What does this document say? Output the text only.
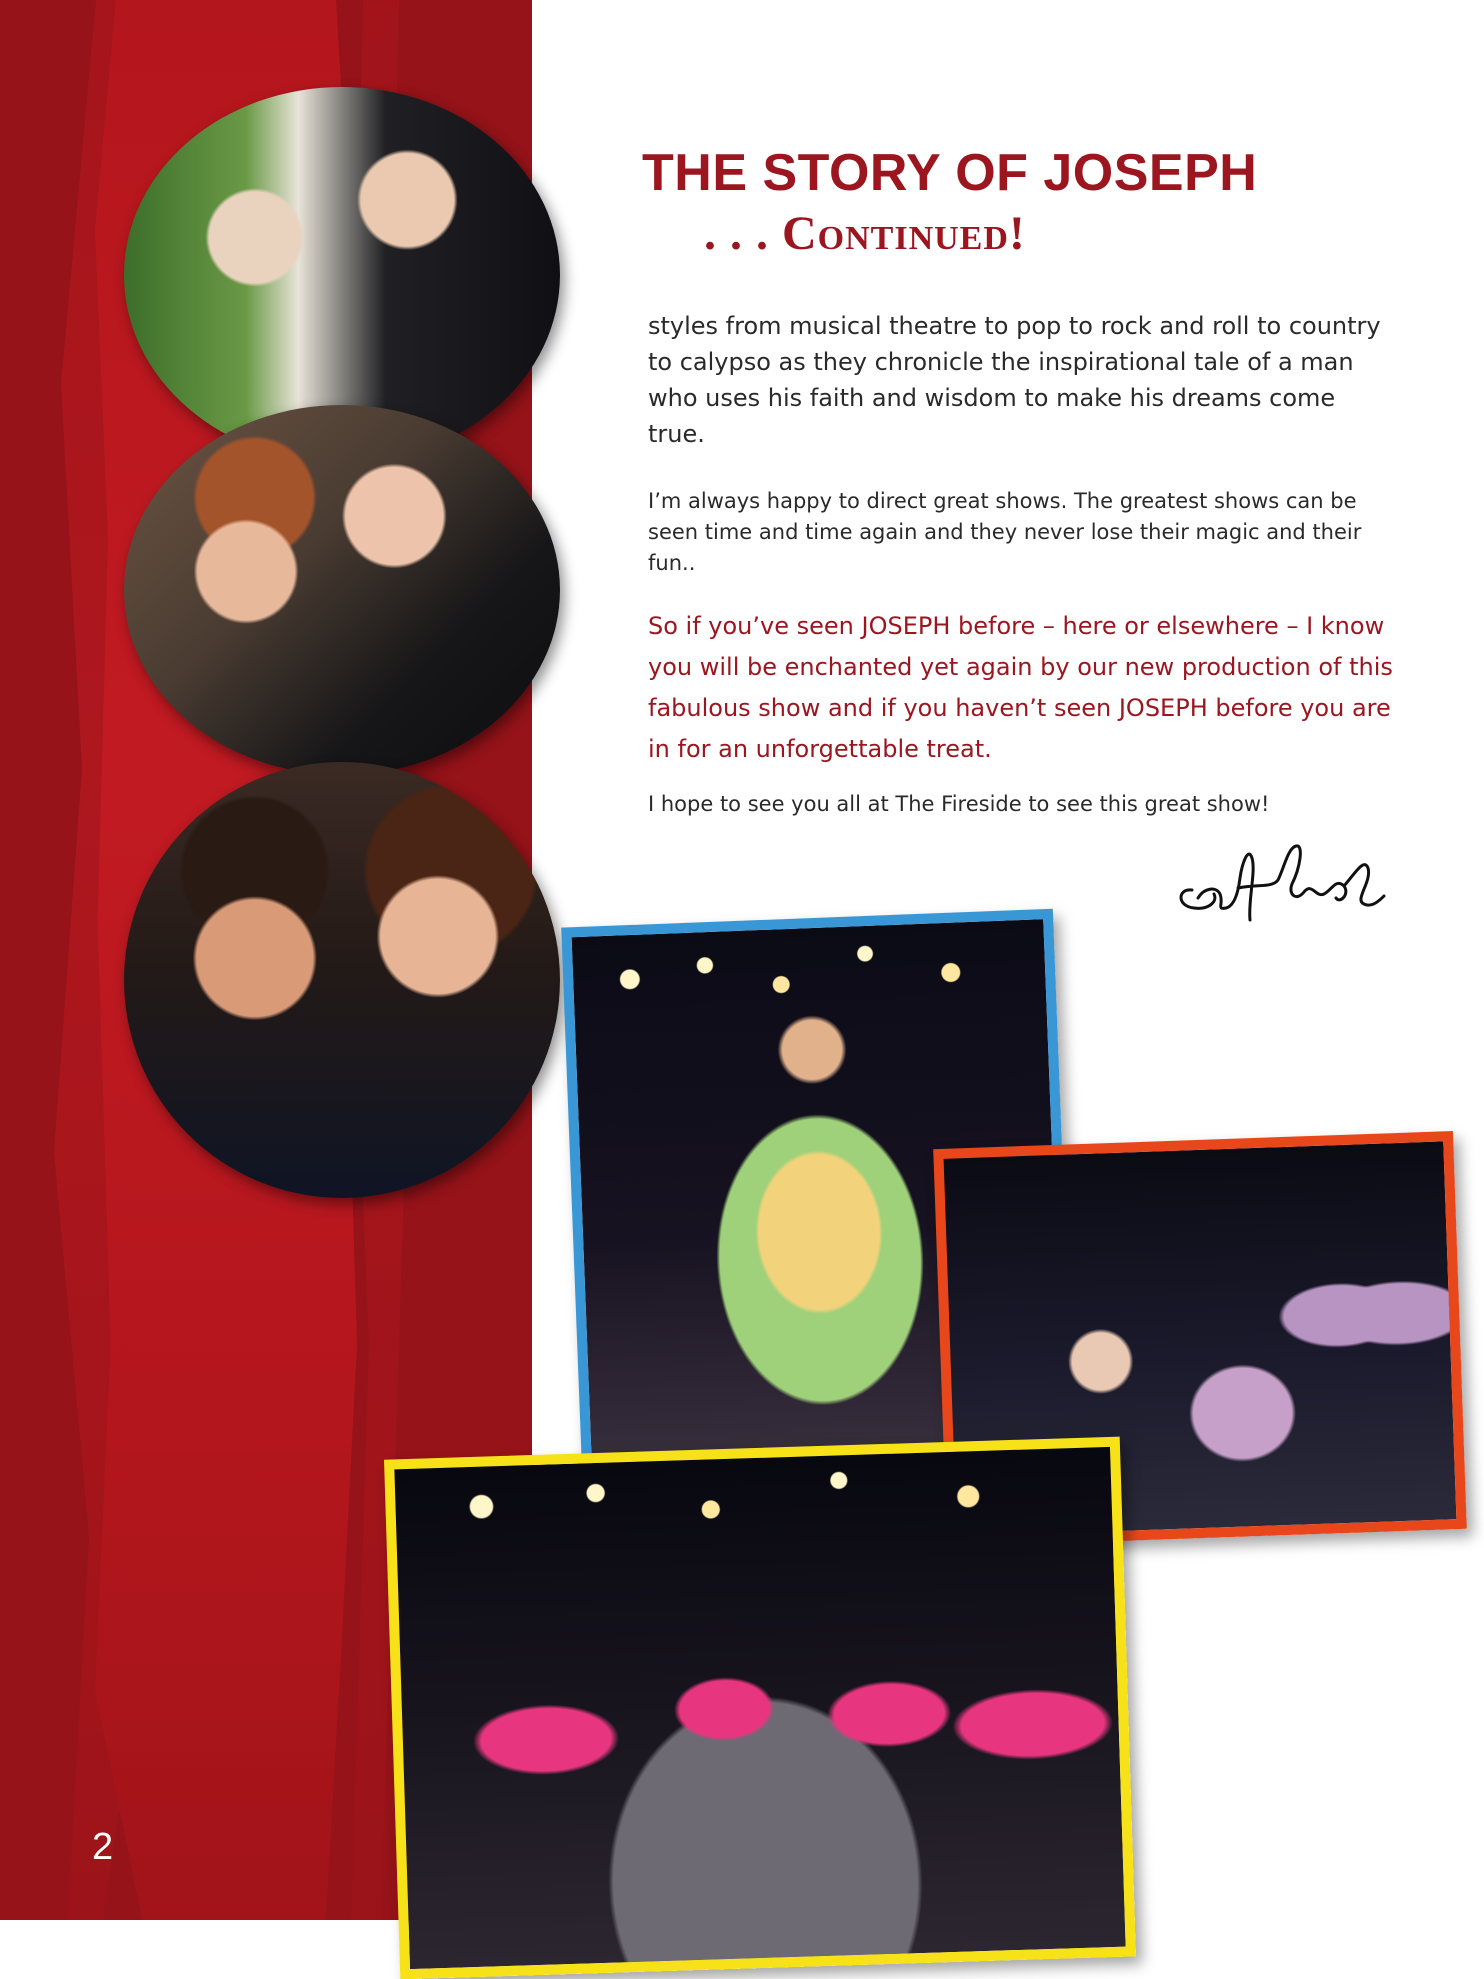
2
THE STORY OF JOSEPH
. . . Continued!

styles from musical theatre to pop to rock and roll to country to calypso as they chronicle the inspirational tale of a man who uses his faith and wisdom to make his dreams come true.

I’m always happy to direct great shows. The greatest shows can be seen time and time again and they never lose their magic and their fun..

So if you’ve seen JOSEPH before – here or elsewhere – I know you will be enchanted yet again by our new production of this fabulous show and if you haven’t seen JOSEPH before you are in for an unforgettable treat.

I hope to see you all at The Fireside to see this great show!
